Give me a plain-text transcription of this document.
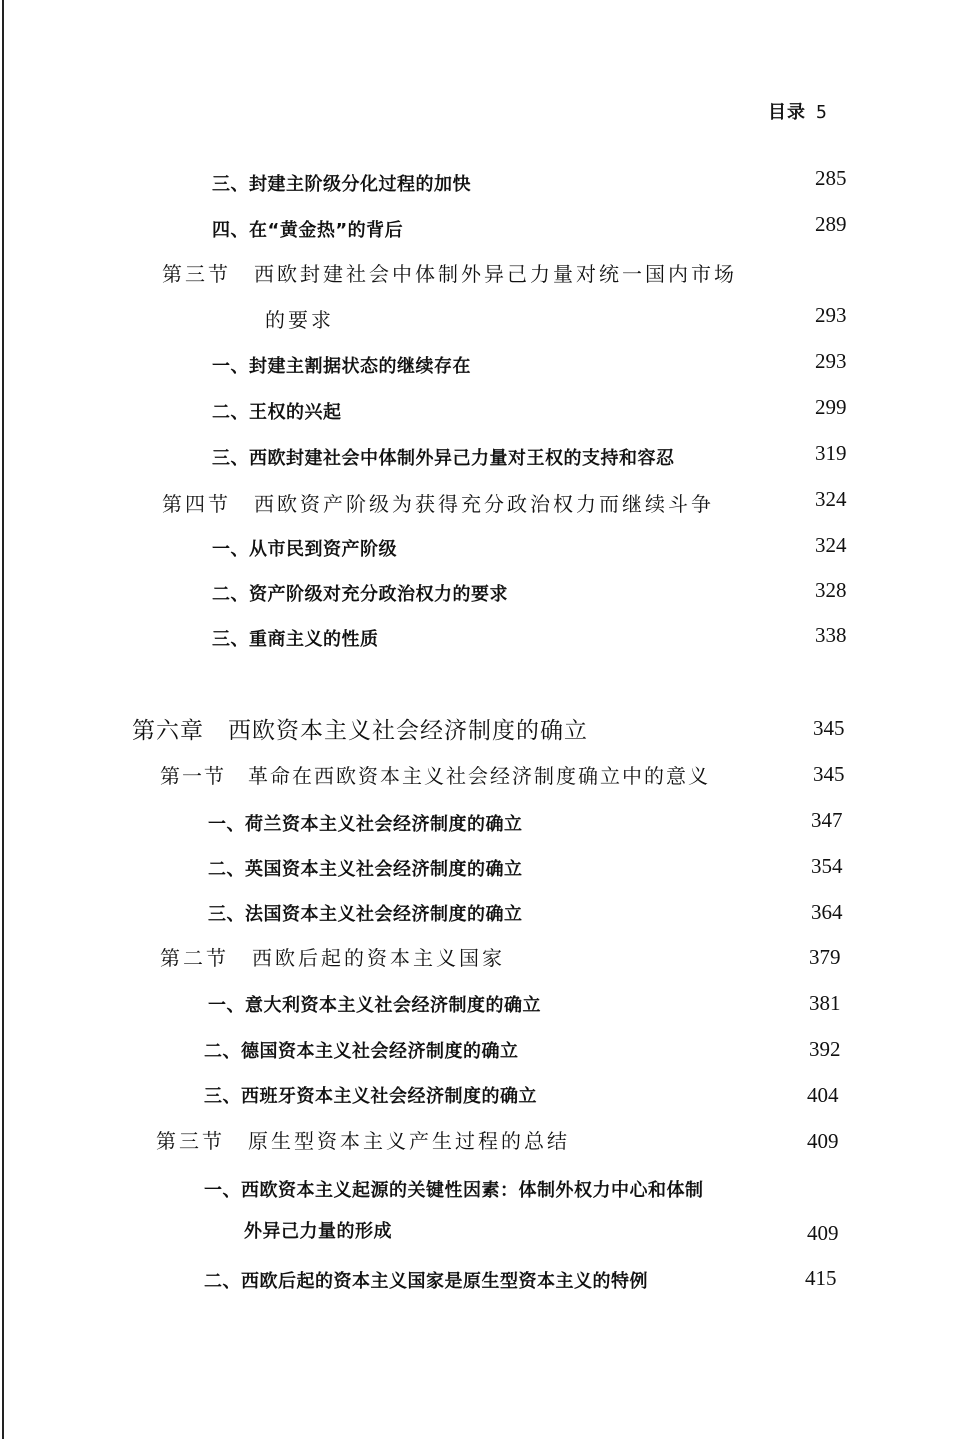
目录 5
三、封建主阶级分化过程的加快	285
四、在“黄金热”的背后	289
第三节　西欧封建社会中体制外异己力量对统一国内市场
的要求	293
一、封建主割据状态的继续存在	293
二、王权的兴起	299
三、西欧封建社会中体制外异己力量对王权的支持和容忍	319
第四节　西欧资产阶级为获得充分政治权力而继续斗争	324
一、从市民到资产阶级	324
二、资产阶级对充分政治权力的要求	328
三、重商主义的性质	338
第六章　西欧资本主义社会经济制度的确立	345
第一节　革命在西欧资本主义社会经济制度确立中的意义	345
一、荷兰资本主义社会经济制度的确立	347
二、英国资本主义社会经济制度的确立	354
三、法国资本主义社会经济制度的确立	364
第二节　西欧后起的资本主义国家	379
一、意大利资本主义社会经济制度的确立	381
二、德国资本主义社会经济制度的确立	392
三、西班牙资本主义社会经济制度的确立	404
第三节　原生型资本主义产生过程的总结	409
一、西欧资本主义起源的关键性因素：体制外权力中心和体制
外异己力量的形成	409
二、西欧后起的资本主义国家是原生型资本主义的特例	415
